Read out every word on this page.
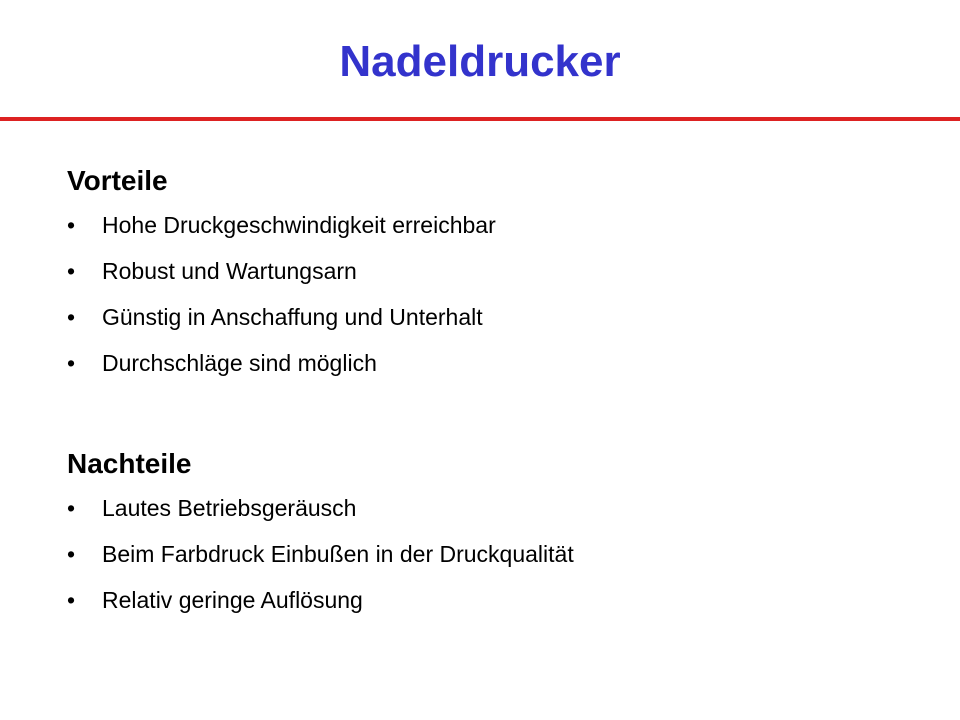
Nadeldrucker
Vorteile
•	Hohe Druckgeschwindigkeit erreichbar
•	Robust und Wartungsarn
•	Günstig in Anschaffung und Unterhalt
•	Durchschläge sind möglich
Nachteile
•	Lautes Betriebsgeräusch
•	Beim Farbdruck Einbußen in der Druckqualität
•	Relativ geringe Auflösung
